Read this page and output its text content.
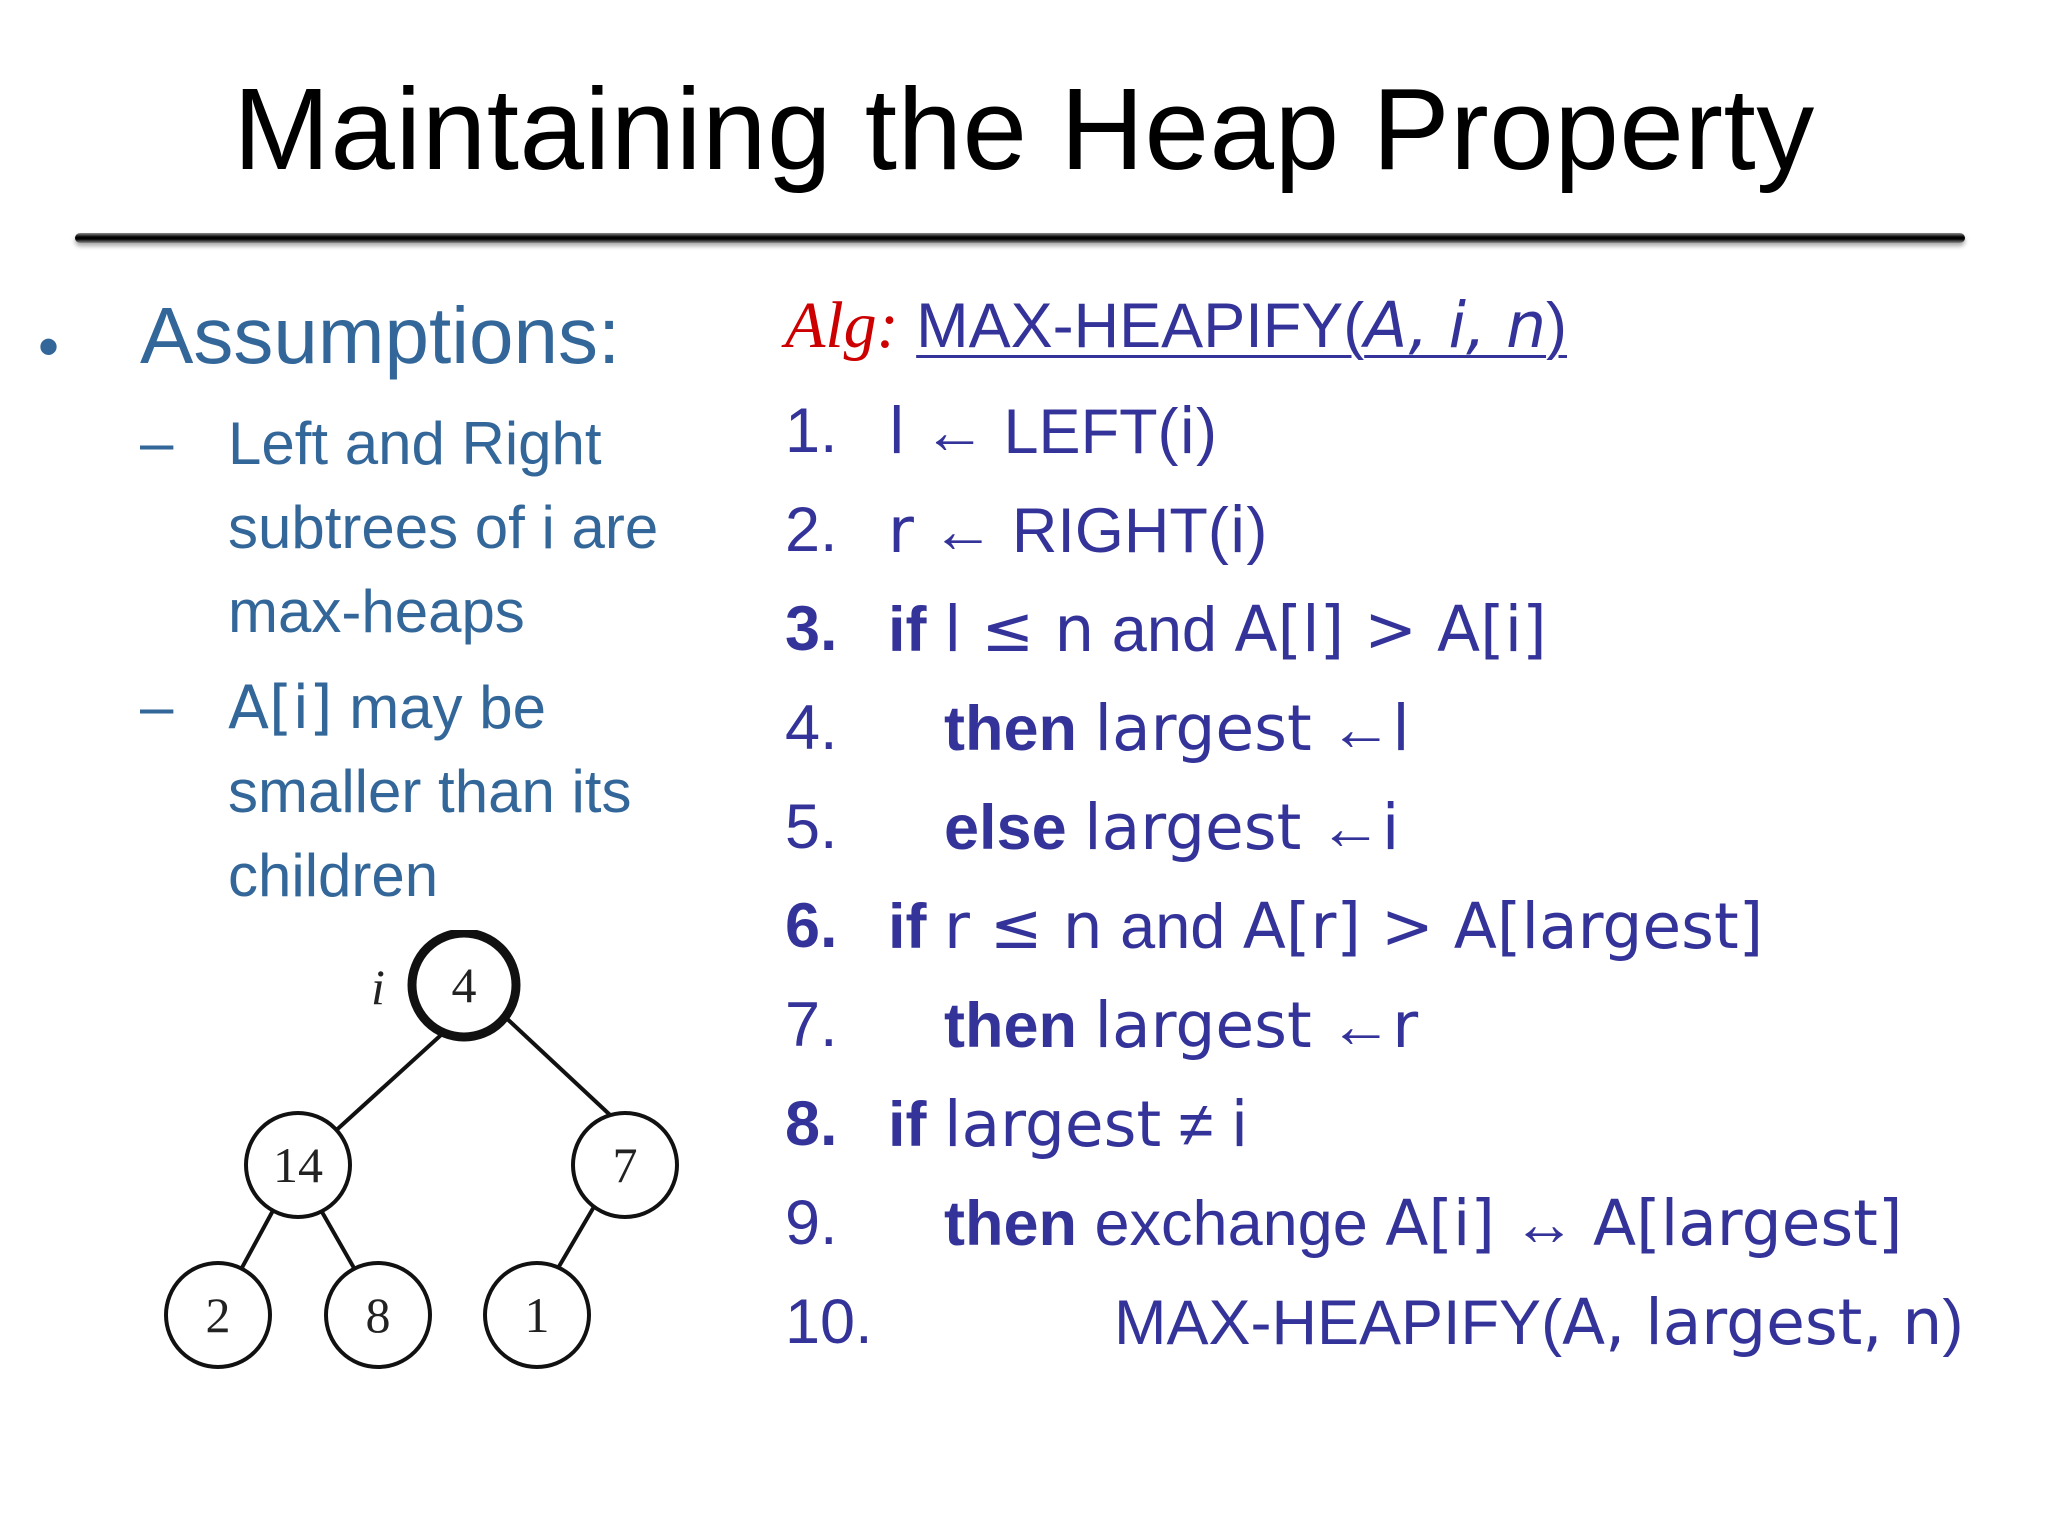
Maintaining the Heap Property
• Assumptions:
– Left and Right
subtrees of i are
max-heaps
– A[i] may be
smaller than its
children
i 4
14	7
2	8	1
Alg: MAX-HEAPIFY(A, i, n)
1. l ← LEFT(i)
2. r ← RIGHT(i)
3. if l ≤ n and A[l] > A[i]
4. then largest ←l
5. else largest ←i
6. if r ≤ n and A[r] > A[largest]
7. then largest ←r
8. if largest ≠ i
9. then exchange A[i] ↔ A[largest]
10.	MAX-HEAPIFY(A, largest, n)
